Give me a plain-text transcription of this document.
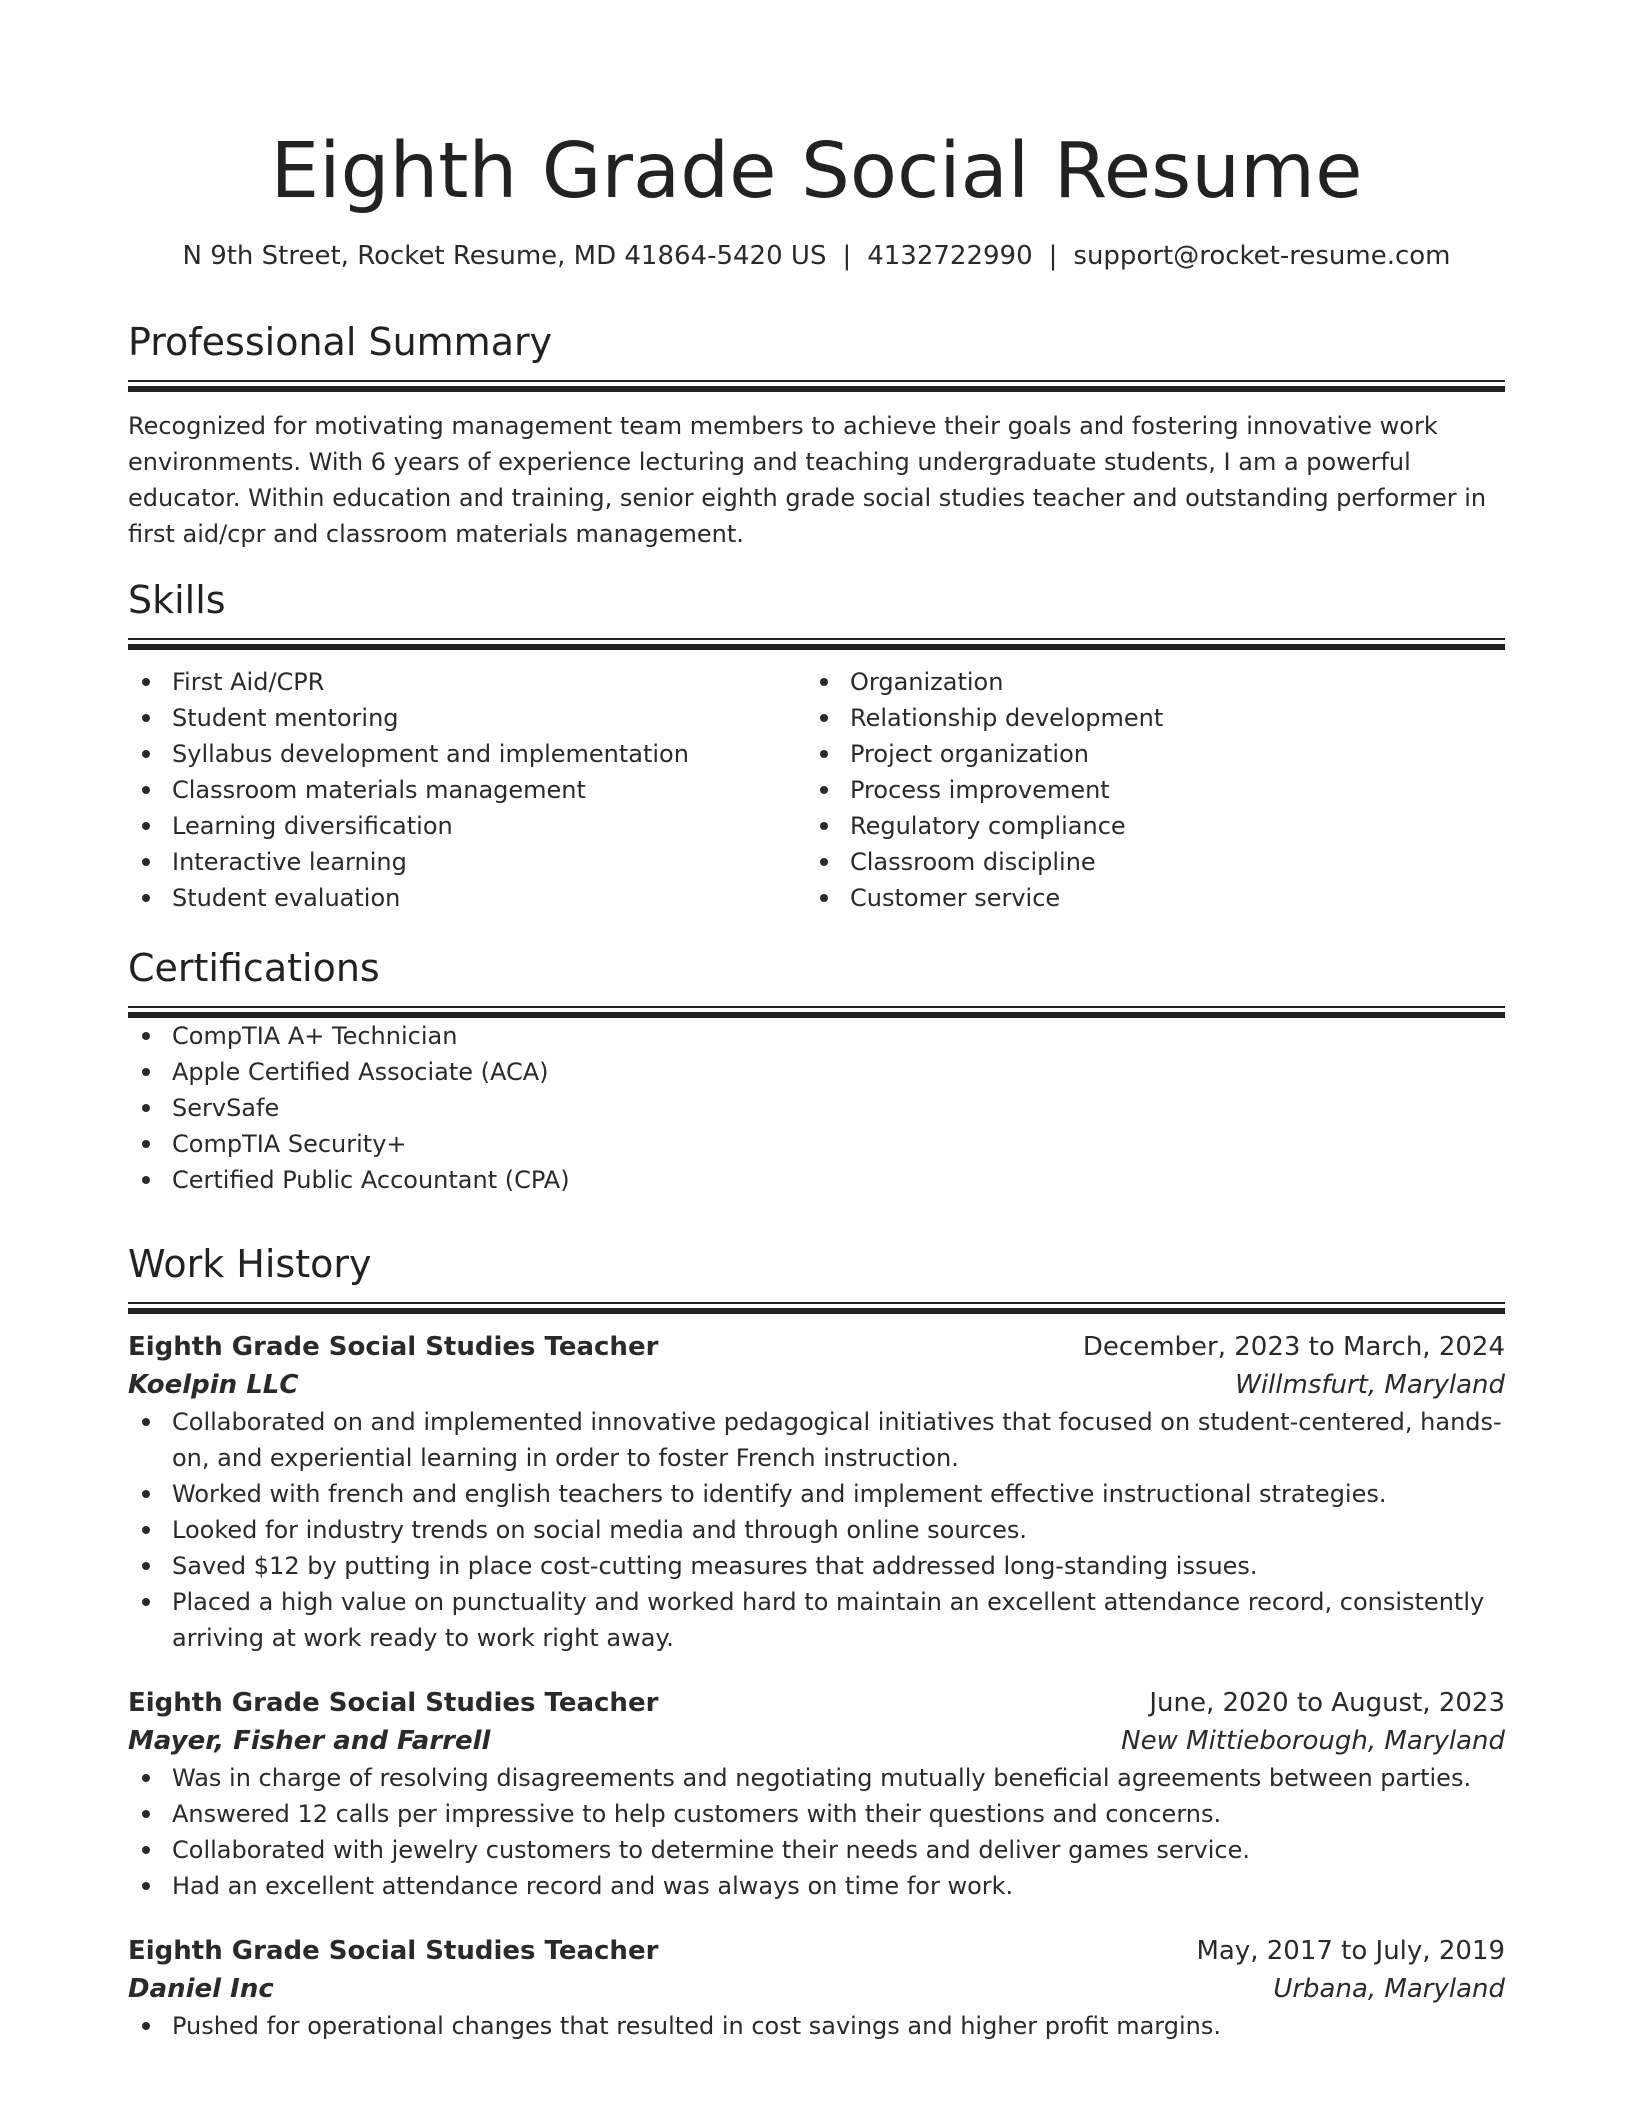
Eighth Grade Social Resume
N 9th Street, Rocket Resume, MD 41864-5420 US | 4132722990 | support@rocket-resume.com
Professional Summary
Recognized for motivating management team members to achieve their goals and fostering innovative work environments. With 6 years of experience lecturing and teaching undergraduate students, I am a powerful educator. Within education and training, senior eighth grade social studies teacher and outstanding performer in first aid/cpr and classroom materials management.
Skills
First Aid/CPR
Student mentoring
Syllabus development and implementation
Classroom materials management
Learning diversification
Interactive learning
Student evaluation
Organization
Relationship development
Project organization
Process improvement
Regulatory compliance
Classroom discipline
Customer service
Certifications
CompTIA A+ Technician
Apple Certified Associate (ACA)
ServSafe
CompTIA Security+
Certified Public Accountant (CPA)
Work History
Eighth Grade Social Studies Teacher	December, 2023 to March, 2024
Koelpin LLC	Willmsfurt, Maryland
Collaborated on and implemented innovative pedagogical initiatives that focused on student-centered, hands-on, and experiential learning in order to foster French instruction.
Worked with french and english teachers to identify and implement effective instructional strategies.
Looked for industry trends on social media and through online sources.
Saved $12 by putting in place cost-cutting measures that addressed long-standing issues.
Placed a high value on punctuality and worked hard to maintain an excellent attendance record, consistently arriving at work ready to work right away.
Eighth Grade Social Studies Teacher	June, 2020 to August, 2023
Mayer, Fisher and Farrell	New Mittieborough, Maryland
Was in charge of resolving disagreements and negotiating mutually beneficial agreements between parties.
Answered 12 calls per impressive to help customers with their questions and concerns.
Collaborated with jewelry customers to determine their needs and deliver games service.
Had an excellent attendance record and was always on time for work.
Eighth Grade Social Studies Teacher	May, 2017 to July, 2019
Daniel Inc	Urbana, Maryland
Pushed for operational changes that resulted in cost savings and higher profit margins.
